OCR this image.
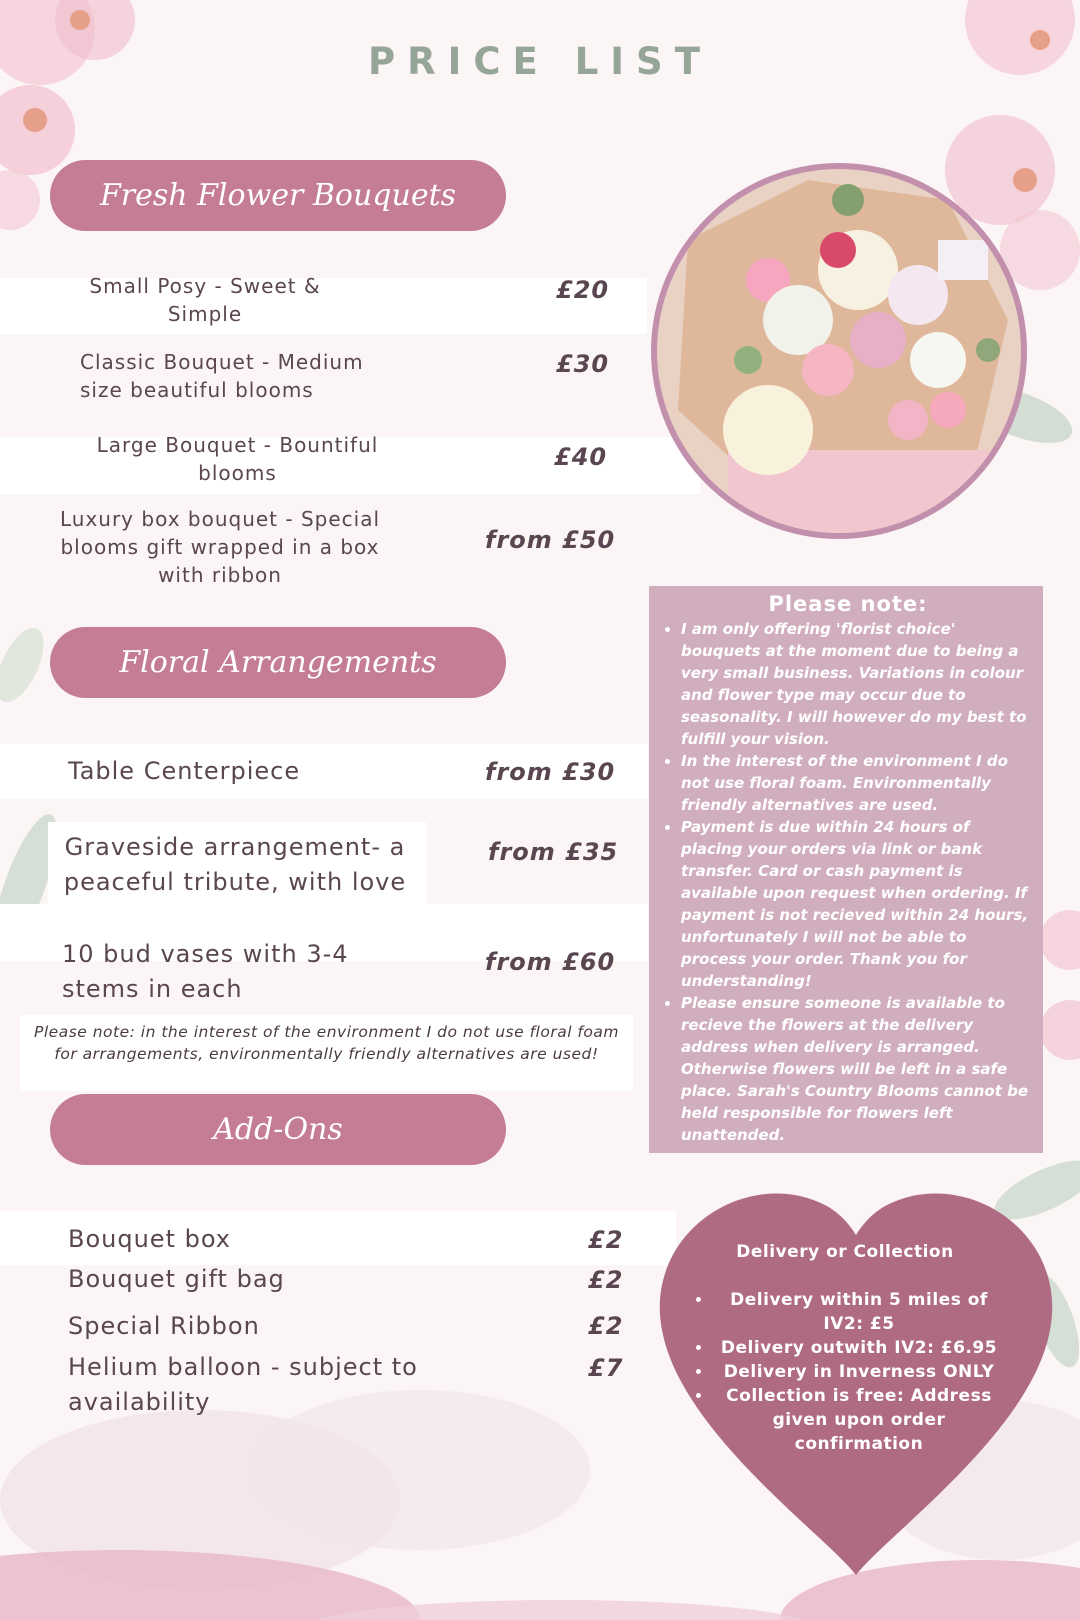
PRICE LIST
Fresh Flower Bouquets
Small Posy - Sweet & Simple
£20
Classic Bouquet - Medium size beautiful blooms
£30
Large Bouquet - Bountiful blooms
£40
Luxury box bouquet - Special blooms gift wrapped in a box with ribbon
from £50
Please note:
• I am only offering 'florist choice' bouquets at the moment due to being a very small business. Variations in colour and flower type may occur due to seasonality. I will however do my best to fulfill your vision.
• In the interest of the environment I do not use floral foam. Environmentally friendly alternatives are used.
• Payment is due within 24 hours of placing your orders via link or bank transfer. Card or cash payment is available upon request when ordering. If payment is not recieved within 24 hours, unfortunately I will not be able to process your order. Thank you for understanding!
• Please ensure someone is available to recieve the flowers at the delivery address when delivery is arranged. Otherwise flowers will be left in a safe place. Sarah's Country Blooms cannot be held responsible for flowers left unattended.
Floral Arrangements
Table Centerpiece	from £30
Graveside arrangement- a peaceful tribute, with love
from £35
10 bud vases with 3-4 stems in each
from £60
Please note: in the interest of the environment I do not use floral foam for arrangements, environmentally friendly alternatives are used!
Add-Ons
Bouquet box	£2
Bouquet gift bag	£2
Special Ribbon	£2
Helium balloon - subject to availability
£7
Delivery or Collection
• Delivery within 5 miles of IV2: £5
• Delivery outwith IV2: £6.95
• Delivery in Inverness ONLY
• Collection is free: Address given upon order confirmation
